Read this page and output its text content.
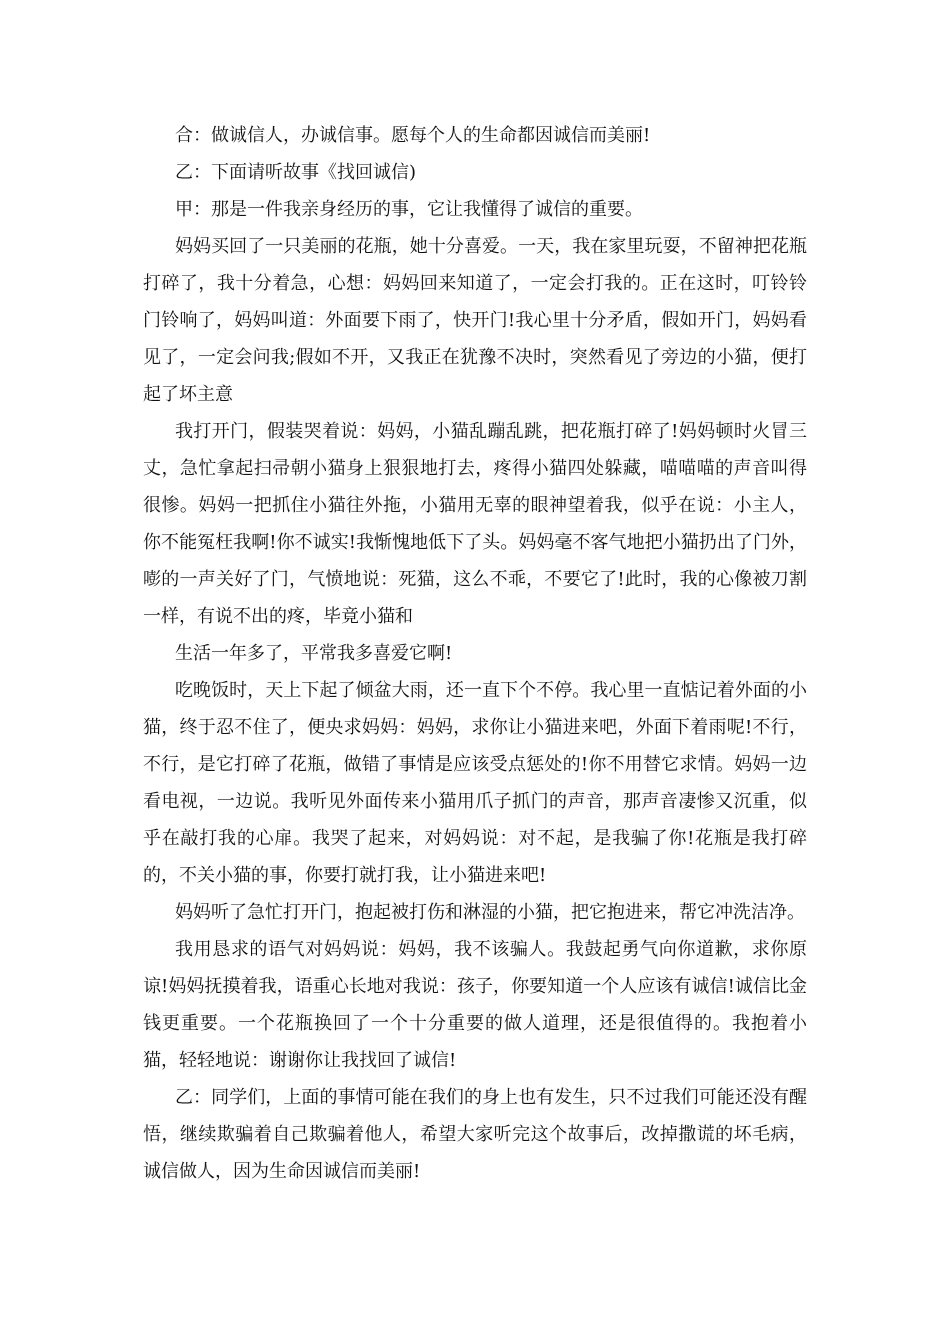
合：做诚信人，办诚信事。愿每个人的生命都因诚信而美丽!

乙：下面请听故事《找回诚信)

甲：那是一件我亲身经历的事，它让我懂得了诚信的重要。

妈妈买回了一只美丽的花瓶，她十分喜爱。一天，我在家里玩耍，不留神把花瓶打碎了，我十分着急，心想：妈妈回来知道了，一定会打我的。正在这时，叮铃铃门铃响了，妈妈叫道：外面要下雨了，快开门!我心里十分矛盾，假如开门，妈妈看见了，一定会问我;假如不开，又我正在犹豫不决时，突然看见了旁边的小猫，便打起了坏主意

我打开门，假装哭着说：妈妈，小猫乱蹦乱跳，把花瓶打碎了!妈妈顿时火冒三丈，急忙拿起扫帚朝小猫身上狠狠地打去，疼得小猫四处躲藏，喵喵喵的声音叫得很惨。妈妈一把抓住小猫往外拖，小猫用无辜的眼神望着我，似乎在说：小主人，你不能冤枉我啊!你不诚实!我惭愧地低下了头。妈妈毫不客气地把小猫扔出了门外，嘭的一声关好了门，气愤地说：死猫，这么不乖，不要它了!此时，我的心像被刀割一样，有说不出的疼，毕竟小猫和

生活一年多了，平常我多喜爱它啊!

吃晚饭时，天上下起了倾盆大雨，还一直下个不停。我心里一直惦记着外面的小猫，终于忍不住了，便央求妈妈：妈妈，求你让小猫进来吧，外面下着雨呢!不行，不行，是它打碎了花瓶，做错了事情是应该受点惩处的!你不用替它求情。妈妈一边看电视，一边说。我听见外面传来小猫用爪子抓门的声音，那声音凄惨又沉重，似乎在敲打我的心扉。我哭了起来，对妈妈说：对不起，是我骗了你!花瓶是我打碎的，不关小猫的事，你要打就打我，让小猫进来吧!

妈妈听了急忙打开门，抱起被打伤和淋湿的小猫，把它抱进来，帮它冲洗洁净。

我用恳求的语气对妈妈说：妈妈，我不该骗人。我鼓起勇气向你道歉，求你原谅!妈妈抚摸着我，语重心长地对我说：孩子，你要知道一个人应该有诚信!诚信比金钱更重要。一个花瓶换回了一个十分重要的做人道理，还是很值得的。我抱着小猫，轻轻地说：谢谢你让我找回了诚信!

乙：同学们，上面的事情可能在我们的身上也有发生，只不过我们可能还没有醒悟，继续欺骗着自己欺骗着他人，希望大家听完这个故事后，改掉撒谎的坏毛病，诚信做人，因为生命因诚信而美丽!
